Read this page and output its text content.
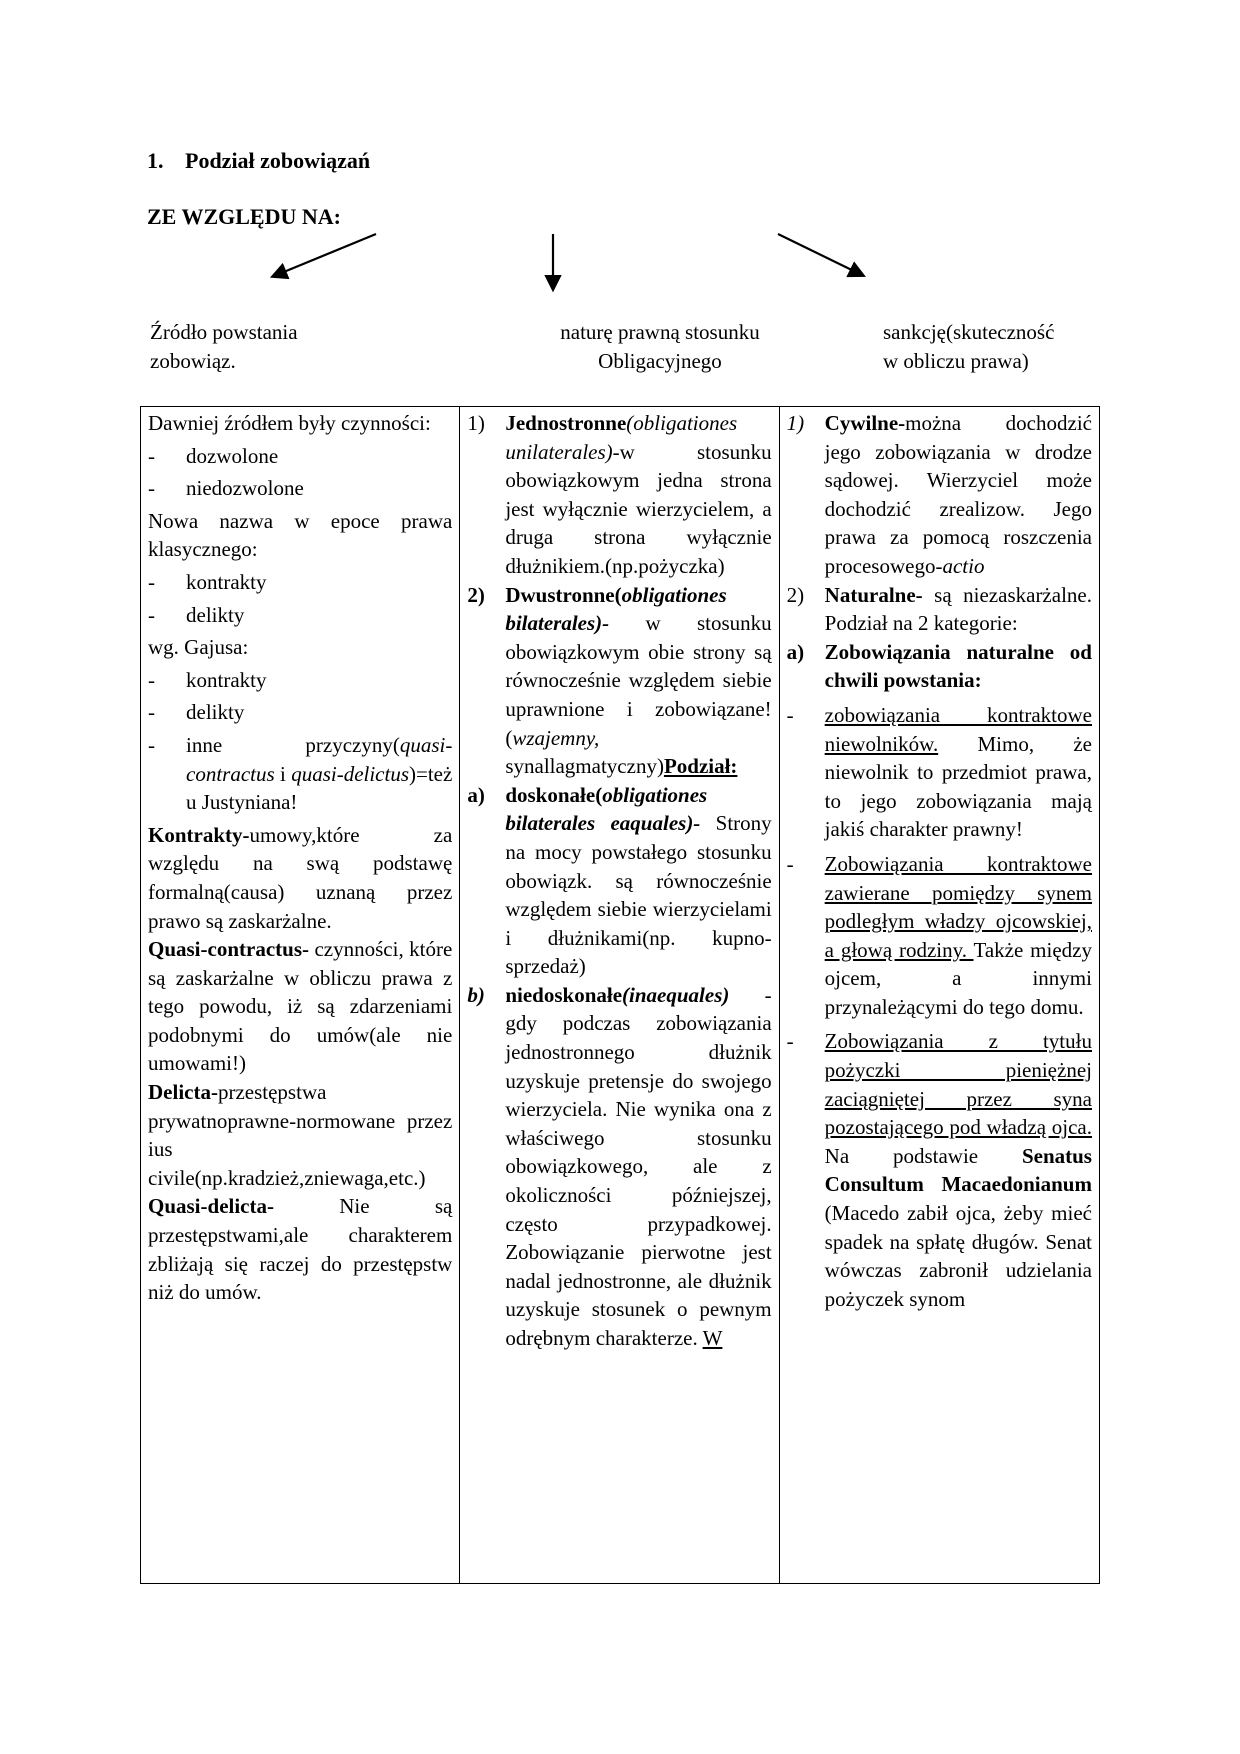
1. Podział zobowiązań
ZE WZGLĘDU NA:
Źródło powstania
zobowiąz.
naturę prawną stosunku
Obligacyjnego
sankcję(skuteczność
w obliczu prawa)
Dawniej źródłem były czynności:
- dozwolone
- niedozwolone
Nowa nazwa w epoce prawa klasycznego:
- kontrakty
- delikty
wg. Gajusa:
- kontrakty
- delikty
- inne przyczyny(quasi-contractus i quasi-delictus)=też u Justyniana!
Kontrakty-umowy,które za względu na swą podstawę formalną(causa) uznaną przez prawo są zaskarżalne.
Quasi-contractus- czynności, które są zaskarżalne w obliczu prawa z tego powodu, iż są zdarzeniami podobnymi do umów(ale nie umowami!)
Delicta-przestępstwa prywatnoprawne-normowane przez ius civile(np.kradzież,zniewaga,etc.)
Quasi-delicta- Nie są przestępstwami,ale charakterem zbliżają się raczej do przestępstw niż do umów.
1) Jednostronne(obligationes unilaterales)-w stosunku obowiązkowym jedna strona jest wyłącznie wierzycielem, a druga strona wyłącznie dłużnikiem.(np.pożyczka)
2) Dwustronne(obligationes bilaterales)- w stosunku obowiązkowym obie strony są równocześnie względem siebie uprawnione i zobowiązane!(wzajemny, synallagmatyczny)Podział:
a) doskonałe(obligationes bilaterales eaquales)- Strony na mocy powstałego stosunku obowiązk. są równocześnie względem siebie wierzycielami i dłużnikami(np. kupno-sprzedaż)
b) niedoskonałe(inaequales) - gdy podczas zobowiązania jednostronnego dłużnik uzyskuje pretensje do swojego wierzyciela. Nie wynika ona z właściwego stosunku obowiązkowego, ale z okoliczności późniejszej, często przypadkowej. Zobowiązanie pierwotne jest nadal jednostronne, ale dłużnik uzyskuje stosunek o pewnym odrębnym charakterze. W
1) Cywilne-można dochodzić jego zobowiązania w drodze sądowej. Wierzyciel może dochodzić zrealizow. Jego prawa za pomocą roszczenia procesowego-actio
2) Naturalne- są niezaskarżalne. Podział na 2 kategorie:
a) Zobowiązania naturalne od chwili powstania:
- zobowiązania kontraktowe niewolników. Mimo, że niewolnik to przedmiot prawa, to jego zobowiązania mają jakiś charakter prawny!
- Zobowiązania kontraktowe zawierane pomiędzy synem podległym władzy ojcowskiej, a głową rodziny. Także między ojcem, a innymi przynależącymi do tego domu.
- Zobowiązania z tytułu pożyczki pieniężnej zaciągniętej przez syna pozostającego pod władzą ojca. Na podstawie Senatus Consultum Macaedonianum (Macedo zabił ojca, żeby mieć spadek na spłatę długów. Senat wówczas zabronił udzielania pożyczek synom
